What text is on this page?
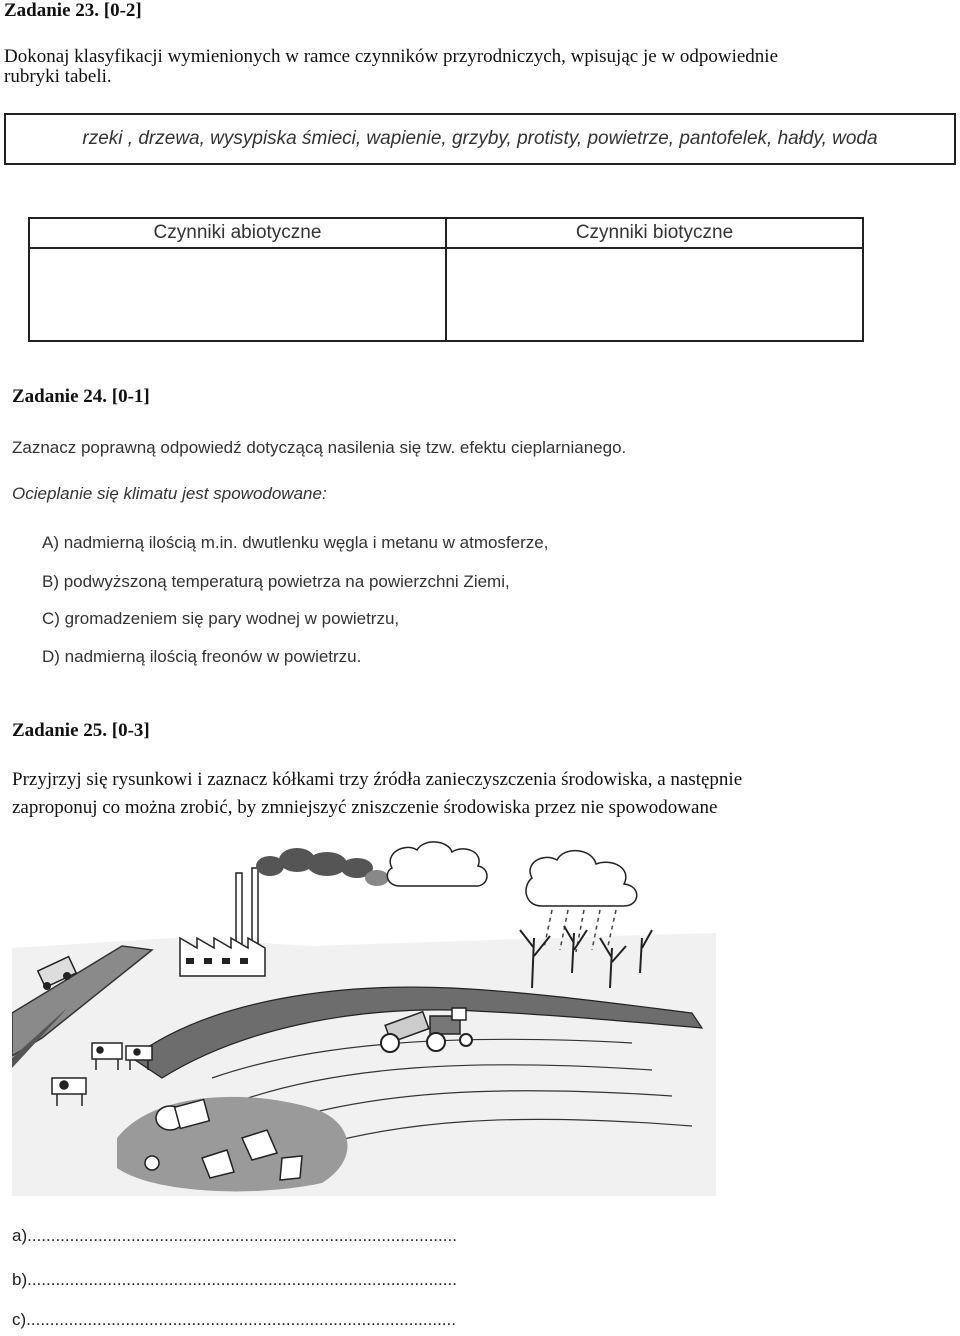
Zadanie 23. [0-2]
Dokonaj klasyfikacji wymienionych w ramce czynników przyrodniczych, wpisując je w odpowiednie
rubryki tabeli.
rzeki , drzewa, wysypiska śmieci, wapienie, grzyby, protisty, powietrze, pantofelek, hałdy, woda
Czynniki abiotyczne	Czynniki biotyczne

Zadanie 24. [0-1]
Zaznacz poprawną odpowiedź dotyczącą nasilenia się tzw. efektu cieplarnianego.
Ocieplanie się klimatu jest spowodowane:
A) nadmierną ilością m.in. dwutlenku węgla i metanu w atmosferze,
B) podwyższoną temperaturą powietrza na powierzchni Ziemi,
C) gromadzeniem się pary wodnej w powietrzu,
D) nadmierną ilością freonów w powietrzu.
Zadanie 25. [0-3]
Przyjrzyj się rysunkowi i zaznacz kółkami trzy źródła zanieczyszczenia środowiska, a następnie
zaproponuj co można zrobić, by zmniejszyć zniszczenie środowiska przez nie spowodowane
a)...........................................................................................
b)...........................................................................................
c)...........................................................................................
